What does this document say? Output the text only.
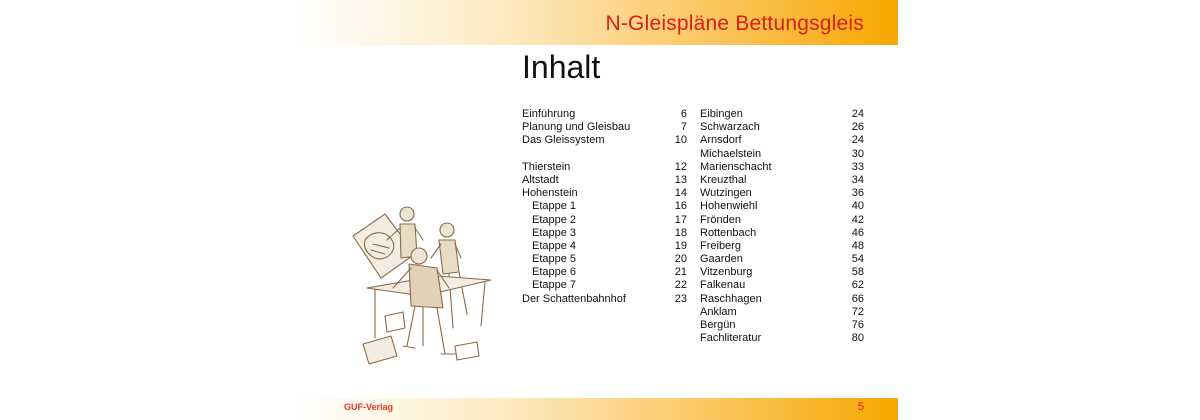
N-Gleispläne Bettungsgleis
Inhalt
Einführung	6
Planung und Gleisbau	7
Das Gleissystem	10
Thierstein	12
Altstadt	13
Hohenstein	14
Etappe 1	16
Etappe 2	17
Etappe 3	18
Etappe 4	19
Etappe 5	20
Etappe 6	21
Etappe 7	22
Der Schattenbahnhof	23
Eibingen	24
Schwarzach	26
Arnsdorf	24
Michaelstein	30
Marienschacht	33
Kreuzthal	34
Wutzingen	36
Hohenwiehl	40
Frönden	42
Rottenbach	46
Freiberg	48
Gaarden	54
Vitzenburg	58
Falkenau	62
Raschhagen	66
Anklam	72
Bergün	76
Fachliteratur	80
GUF-Verlag	5
